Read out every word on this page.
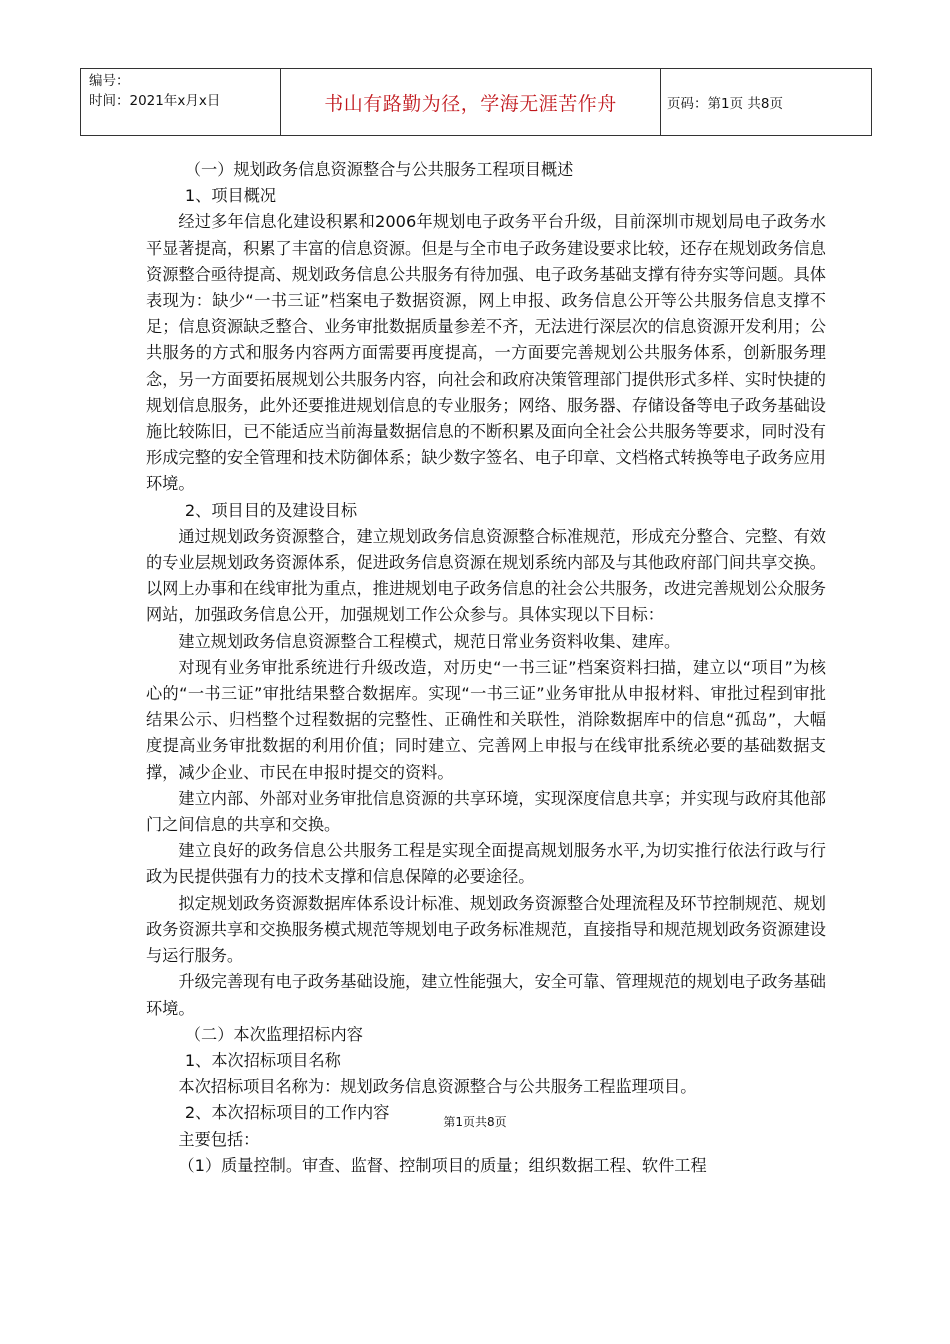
编号：
时间：2021年x月x日	书山有路勤为径，学海无涯苦作舟	页码：第1页 共8页

（一）规划政务信息资源整合与公共服务工程项目概述

1、项目概况

经过多年信息化建设积累和2006年规划电子政务平台升级，目前深圳市规划局电子政务水平显著提高，积累了丰富的信息资源。但是与全市电子政务建设要求比较，还存在规划政务信息资源整合亟待提高、规划政务信息公共服务有待加强、电子政务基础支撑有待夯实等问题。具体表现为：缺少“一书三证”档案电子数据资源，网上申报、政务信息公开等公共服务信息支撑不足；信息资源缺乏整合、业务审批数据质量参差不齐，无法进行深层次的信息资源开发利用；公共服务的方式和服务内容两方面需要再度提高，一方面要完善规划公共服务体系，创新服务理念，另一方面要拓展规划公共服务内容，向社会和政府决策管理部门提供形式多样、实时快捷的规划信息服务，此外还要推进规划信息的专业服务；网络、服务器、存储设备等电子政务基础设施比较陈旧，已不能适应当前海量数据信息的不断积累及面向全社会公共服务等要求，同时没有形成完整的安全管理和技术防御体系；缺少数字签名、电子印章、文档格式转换等电子政务应用环境。

2、项目目的及建设目标

通过规划政务资源整合，建立规划政务信息资源整合标准规范，形成充分整合、完整、有效的专业层规划政务资源体系，促进政务信息资源在规划系统内部及与其他政府部门间共享交换。以网上办事和在线审批为重点，推进规划电子政务信息的社会公共服务，改进完善规划公众服务网站，加强政务信息公开，加强规划工作公众参与。具体实现以下目标：

建立规划政务信息资源整合工程模式，规范日常业务资料收集、建库。

对现有业务审批系统进行升级改造，对历史“一书三证”档案资料扫描，建立以“项目”为核心的“一书三证”审批结果整合数据库。实现“一书三证”业务审批从申报材料、审批过程到审批结果公示、归档整个过程数据的完整性、正确性和关联性，消除数据库中的信息“孤岛”，大幅度提高业务审批数据的利用价值；同时建立、完善网上申报与在线审批系统必要的基础数据支撑，减少企业、市民在申报时提交的资料。

建立内部、外部对业务审批信息资源的共享环境，实现深度信息共享；并实现与政府其他部门之间信息的共享和交换。

建立良好的政务信息公共服务工程是实现全面提高规划服务水平,为切实推行依法行政与行政为民提供强有力的技术支撑和信息保障的必要途径。

拟定规划政务资源数据库体系设计标准、规划政务资源整合处理流程及环节控制规范、规划政务资源共享和交换服务模式规范等规划电子政务标准规范，直接指导和规范规划政务资源建设与运行服务。

升级完善现有电子政务基础设施，建立性能强大，安全可靠、管理规范的规划电子政务基础环境。

（二）本次监理招标内容

1、本次招标项目名称

本次招标项目名称为：规划政务信息资源整合与公共服务工程监理项目。

2、本次招标项目的工作内容

主要包括：

（1）质量控制。审查、监督、控制项目的质量；组织数据工程、软件工程

第1页共8页
